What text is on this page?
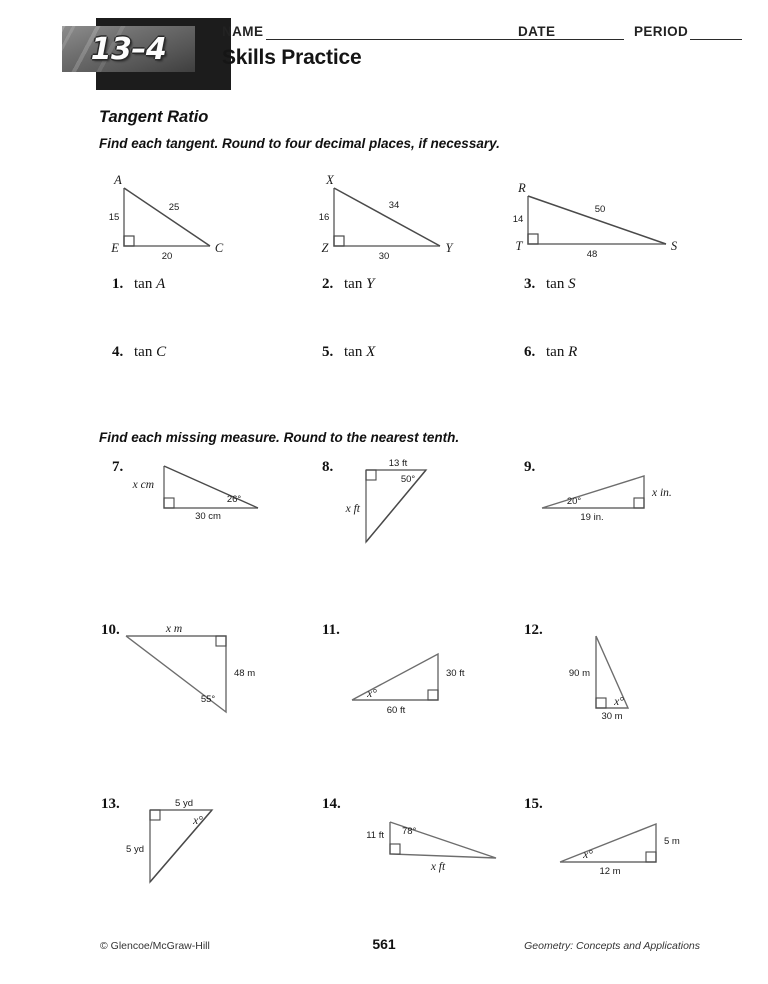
13–4	NAME	DATE	PERIOD
Skills Practice
Tangent Ratio
Find each tangent. Round to four decimal places, if necessary.
A
E	C
15
20
25
X
Z	Y
16
30
34
R
T	S
14
48
50
1. tan A	2. tan Y	3. tan S
4. tan C	5. tan X	6. tan R
Find each missing measure. Round to the nearest tenth.
7.
x cm
30 cm
26°
8.	13 ft
50°
x ft
9.
20°
19 in.
x in.
10.	x m
48 m
55°
11.
x°
60 ft
30 ft
12.
90 m
30 m
x°
13.	5 yd
x°
5 yd
14.
11 ft 78°
x ft
15.
x°
12 m
5 m
© Glencoe/McGraw-Hill	561	Geometry: Concepts and Applications
